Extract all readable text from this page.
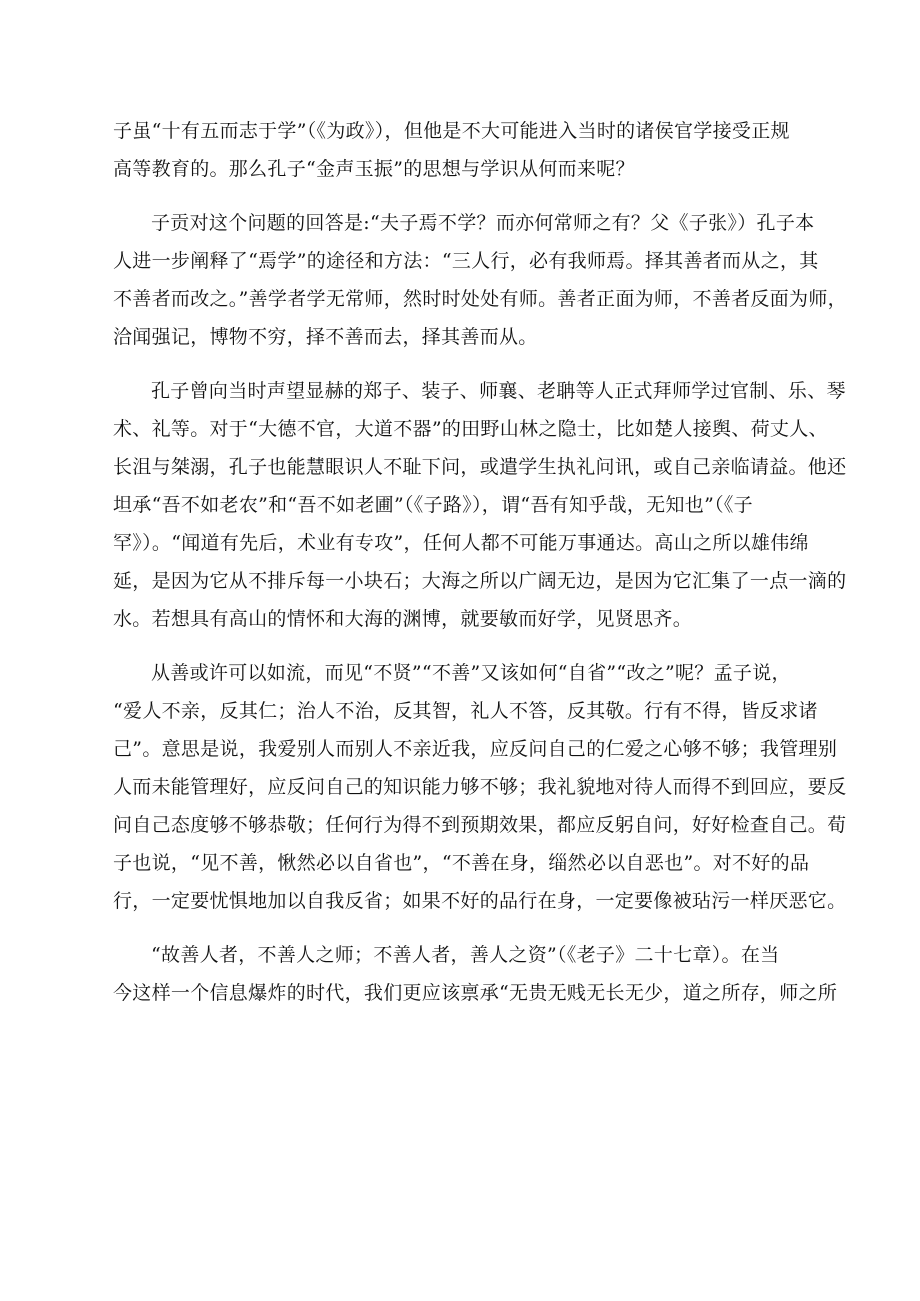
子虽“十有五而志于学”（《为政》），但他是不大可能进入当时的诸侯官学接受正规
高等教育的。那么孔子“金声玉振”的思想与学识从何而来呢？
子贡对这个问题的回答是:“夫子焉不学？而亦何常师之有？父《子张》）孔子本
人进一步阐释了“焉学”的途径和方法：“三人行，必有我师焉。择其善者而从之，其
不善者而改之。”善学者学无常师，然时时处处有师。善者正面为师，不善者反面为师，
洽闻强记，博物不穷，择不善而去，择其善而从。
孔子曾向当时声望显赫的郑子、装子、师襄、老聃等人正式拜师学过官制、乐、琴
术、礼等。对于“大德不官，大道不器”的田野山林之隐士，比如楚人接舆、荷丈人、
长沮与桀溺，孔子也能慧眼识人不耻下问，或遣学生执礼问讯，或自己亲临请益。他还
坦承“吾不如老农”和“吾不如老圃”（《子路》），谓“吾有知乎哉，无知也”（《子
罕》）。“闻道有先后，术业有专攻”，任何人都不可能万事通达。高山之所以雄伟绵
延，是因为它从不排斥每一小块石；大海之所以广阔无边，是因为它汇集了一点一滴的
水。若想具有高山的情怀和大海的渊博，就要敏而好学，见贤思齐。
从善或许可以如流，而见“不贤”“不善”又该如何“自省”“改之”呢？孟子说，
“爱人不亲，反其仁；治人不治，反其智，礼人不答，反其敬。行有不得，皆反求诸
己”。意思是说，我爱别人而别人不亲近我，应反问自己的仁爱之心够不够；我管理别
人而未能管理好，应反问自己的知识能力够不够；我礼貌地对待人而得不到回应，要反
问自己态度够不够恭敬；任何行为得不到预期效果，都应反躬自问，好好检查自己。荀
子也说，“见不善，愀然必以自省也”，“不善在身，缁然必以自恶也”。对不好的品
行，一定要忧惧地加以自我反省；如果不好的品行在身，一定要像被玷污一样厌恶它。
“故善人者，不善人之师；不善人者，善人之资”（《老子》二十七章）。在当
今这样一个信息爆炸的时代，我们更应该禀承“无贵无贱无长无少，道之所存，师之所
